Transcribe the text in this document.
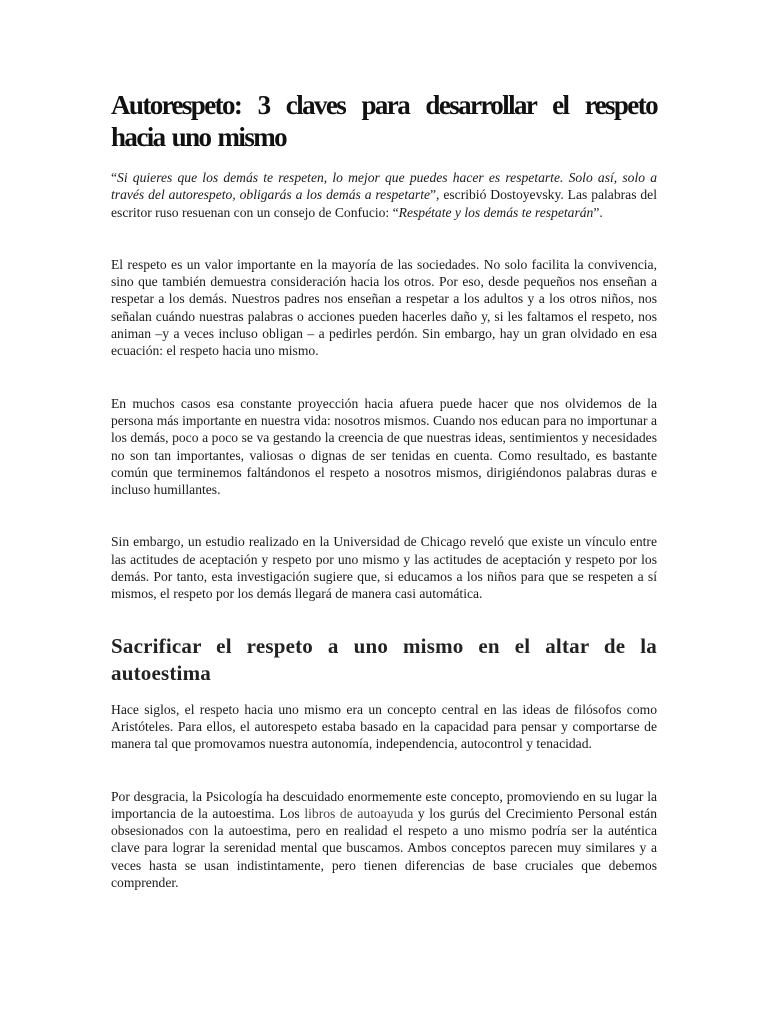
Autorespeto: 3 claves para desarrollar el respeto hacia uno mismo

“Si quieres que los demás te respeten, lo mejor que puedes hacer es respetarte. Solo así, solo a través del autorespeto, obligarás a los demás a respetarte”, escribió Dostoyevsky. Las palabras del escritor ruso resuenan con un consejo de Confucio: “Respétate y los demás te respetarán”.

El respeto es un valor importante en la mayoría de las sociedades. No solo facilita la convivencia, sino que también demuestra consideración hacia los otros. Por eso, desde pequeños nos enseñan a respetar a los demás. Nuestros padres nos enseñan a respetar a los adultos y a los otros niños, nos señalan cuándo nuestras palabras o acciones pueden hacerles daño y, si les faltamos el respeto, nos animan –y a veces incluso obligan – a pedirles perdón. Sin embargo, hay un gran olvidado en esa ecuación: el respeto hacia uno mismo.

En muchos casos esa constante proyección hacia afuera puede hacer que nos olvidemos de la persona más importante en nuestra vida: nosotros mismos. Cuando nos educan para no importunar a los demás, poco a poco se va gestando la creencia de que nuestras ideas, sentimientos y necesidades no son tan importantes, valiosas o dignas de ser tenidas en cuenta. Como resultado, es bastante común que terminemos faltándonos el respeto a nosotros mismos, dirigiéndonos palabras duras e incluso humillantes.

Sin embargo, un estudio realizado en la Universidad de Chicago reveló que existe un vínculo entre las actitudes de aceptación y respeto por uno mismo y las actitudes de aceptación y respeto por los demás. Por tanto, esta investigación sugiere que, si educamos a los niños para que se respeten a sí mismos, el respeto por los demás llegará de manera casi automática.

Sacrificar el respeto a uno mismo en el altar de la autoestima

Hace siglos, el respeto hacia uno mismo era un concepto central en las ideas de filósofos como Aristóteles. Para ellos, el autorespeto estaba basado en la capacidad para pensar y comportarse de manera tal que promovamos nuestra autonomía, independencia, autocontrol y tenacidad.

Por desgracia, la Psicología ha descuidado enormemente este concepto, promoviendo en su lugar la importancia de la autoestima. Los libros de autoayuda y los gurús del Crecimiento Personal están obsesionados con la autoestima, pero en realidad el respeto a uno mismo podría ser la auténtica clave para lograr la serenidad mental que buscamos. Ambos conceptos parecen muy similares y a veces hasta se usan indistintamente, pero tienen diferencias de base cruciales que debemos comprender.
